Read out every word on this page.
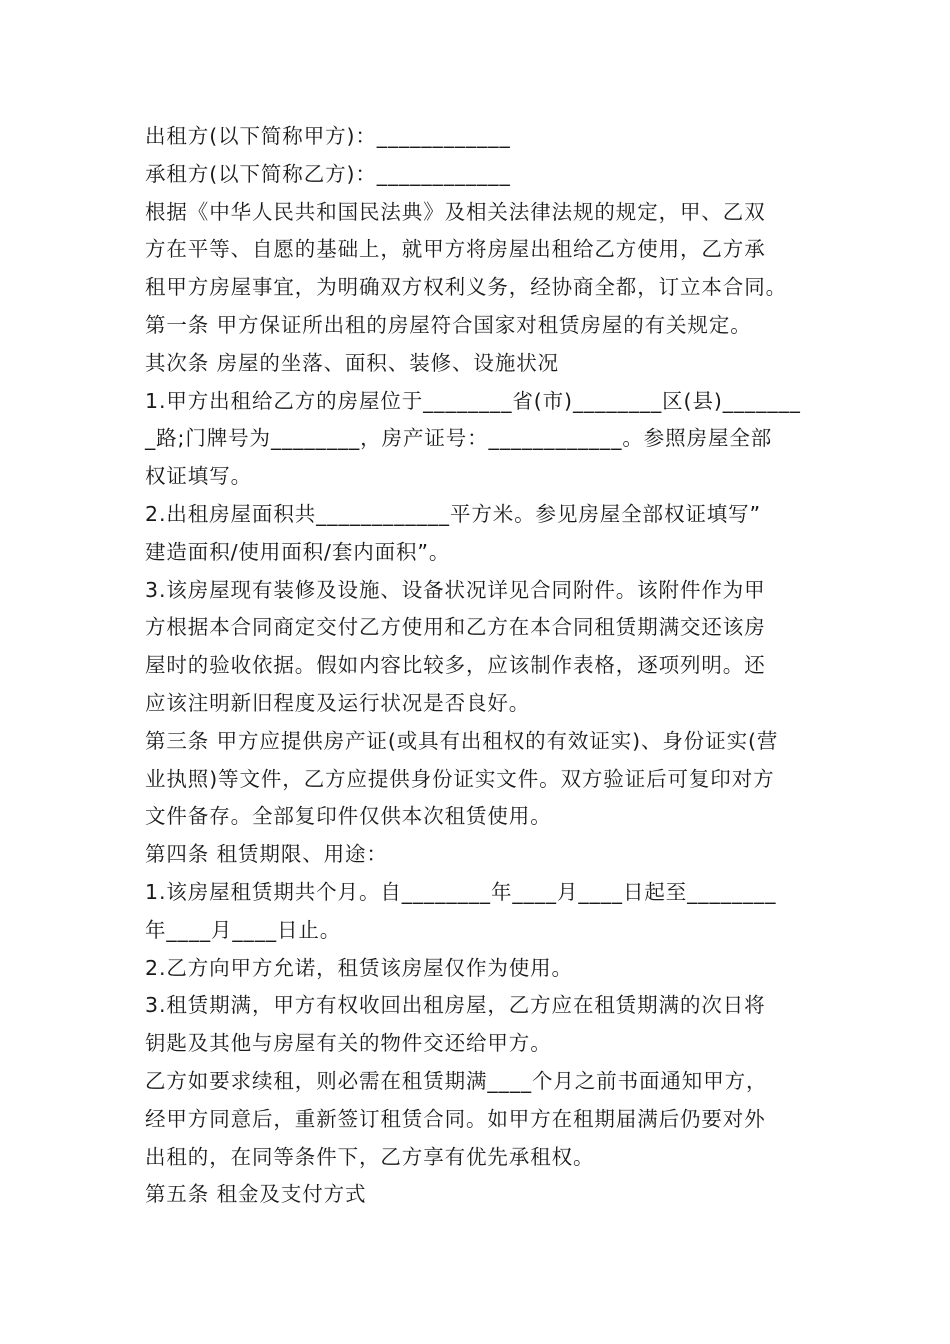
出租方(以下简称甲方)：____________
承租方(以下简称乙方)：____________
根据《中华人民共和国民法典》及相关法律法规的规定，甲、乙双
方在平等、自愿的基础上，就甲方将房屋出租给乙方使用，乙方承
租甲方房屋事宜，为明确双方权利义务，经协商全都，订立本合同。
第一条 甲方保证所出租的房屋符合国家对租赁房屋的有关规定。
其次条 房屋的坐落、面积、装修、设施状况
1.甲方出租给乙方的房屋位于________省(市)________区(县)_______
_路;门牌号为________，房产证号：____________。参照房屋全部
权证填写。
2.出租房屋面积共____________平方米。参见房屋全部权证填写”
建造面积/使用面积/套内面积”。
3.该房屋现有装修及设施、设备状况详见合同附件。该附件作为甲
方根据本合同商定交付乙方使用和乙方在本合同租赁期满交还该房
屋时的验收依据。假如内容比较多，应该制作表格，逐项列明。还
应该注明新旧程度及运行状况是否良好。
第三条 甲方应提供房产证(或具有出租权的有效证实)、身份证实(营
业执照)等文件，乙方应提供身份证实文件。双方验证后可复印对方
文件备存。全部复印件仅供本次租赁使用。
第四条 租赁期限、用途：
1.该房屋租赁期共个月。自________年____月____日起至________
年____月____日止。
2.乙方向甲方允诺，租赁该房屋仅作为使用。
3.租赁期满，甲方有权收回出租房屋，乙方应在租赁期满的次日将
钥匙及其他与房屋有关的物件交还给甲方。
乙方如要求续租，则必需在租赁期满____个月之前书面通知甲方，
经甲方同意后，重新签订租赁合同。如甲方在租期届满后仍要对外
出租的，在同等条件下，乙方享有优先承租权。
第五条 租金及支付方式
